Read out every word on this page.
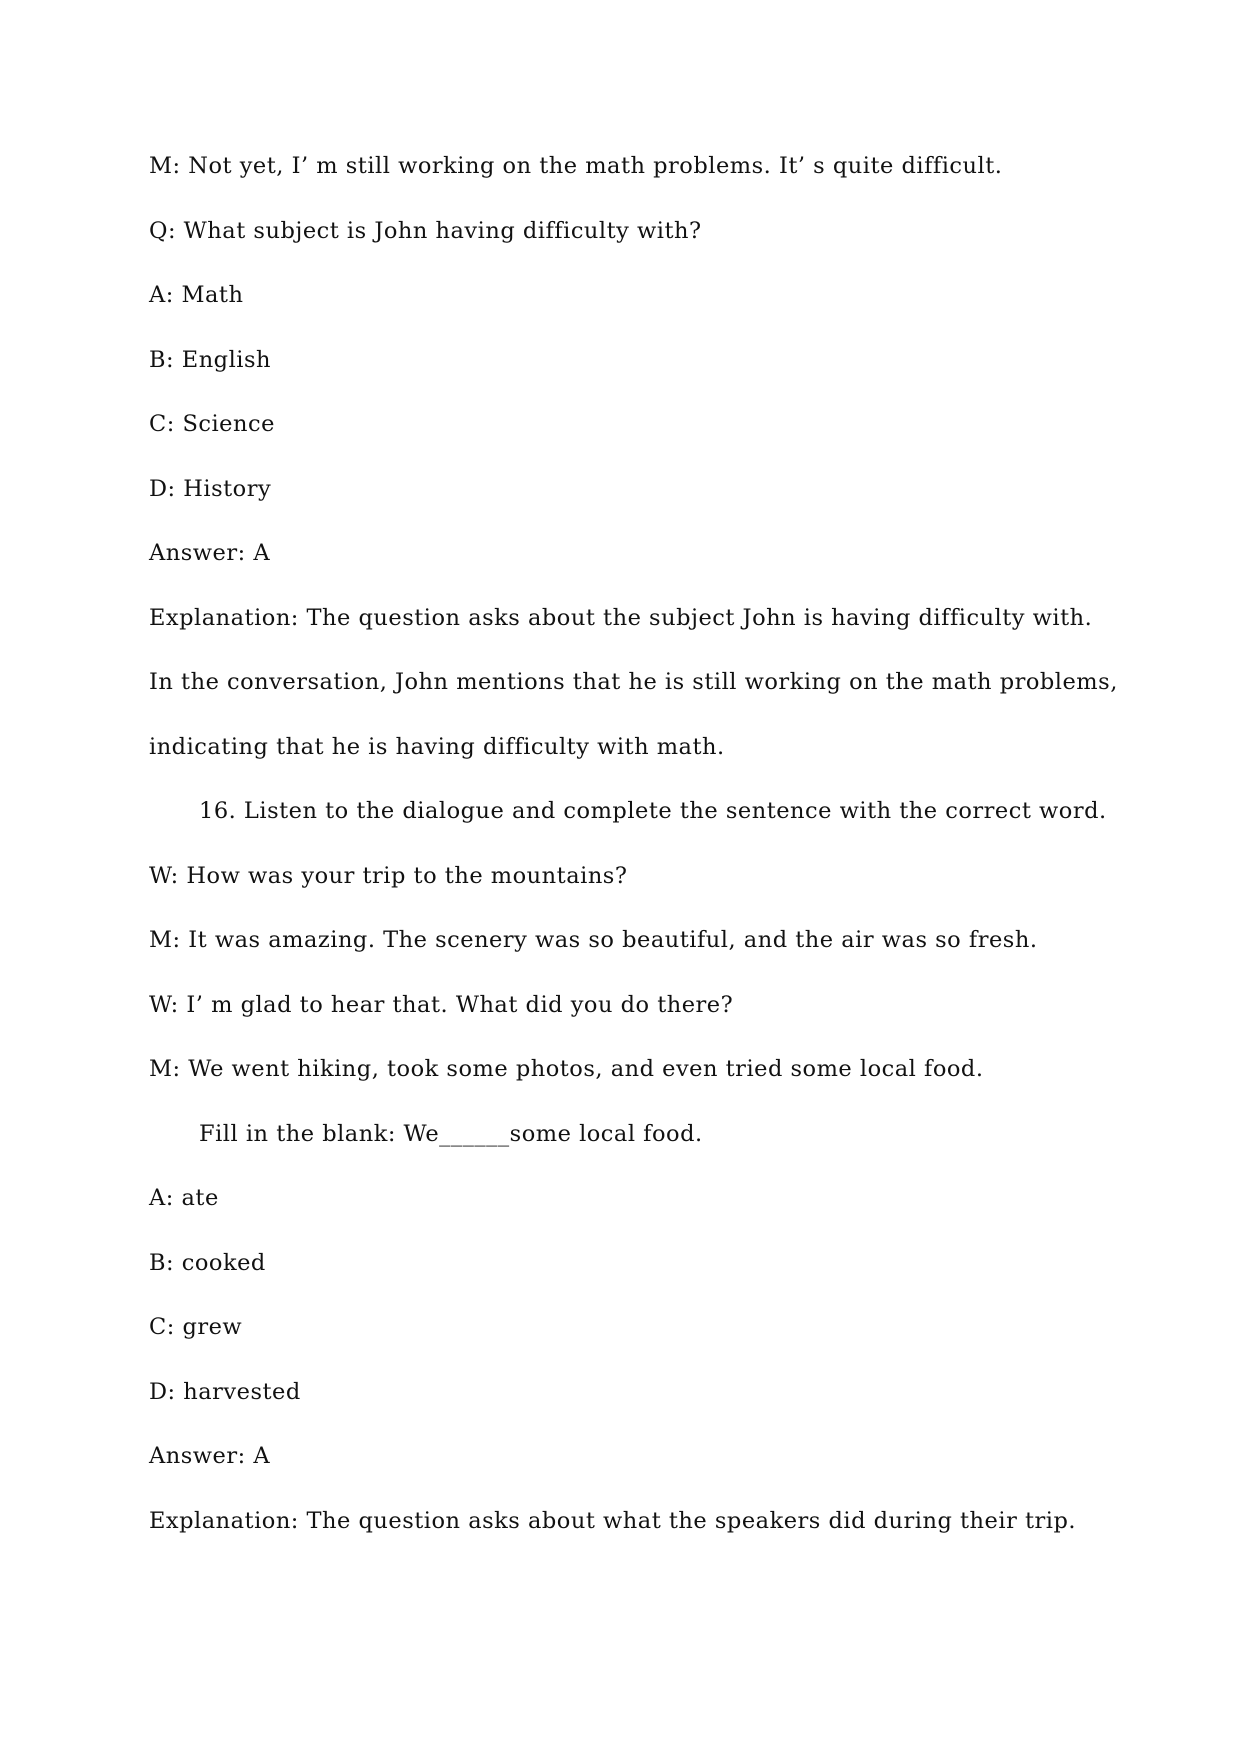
M: Not yet, I’ m still working on the math problems. It’ s quite difficult.
Q: What subject is John having difficulty with?
A: Math
B: English
C: Science
D: History
Answer: A
Explanation: The question asks about the subject John is having difficulty with.
In the conversation, John mentions that he is still working on the math problems,
indicating that he is having difficulty with math.
16. Listen to the dialogue and complete the sentence with the correct word.
W: How was your trip to the mountains?
M: It was amazing. The scenery was so beautiful, and the air was so fresh.
W: I’ m glad to hear that. What did you do there?
M: We went hiking, took some photos, and even tried some local food.
Fill in the blank: We______some local food.
A: ate
B: cooked
C: grew
D: harvested
Answer: A
Explanation: The question asks about what the speakers did during their trip.
